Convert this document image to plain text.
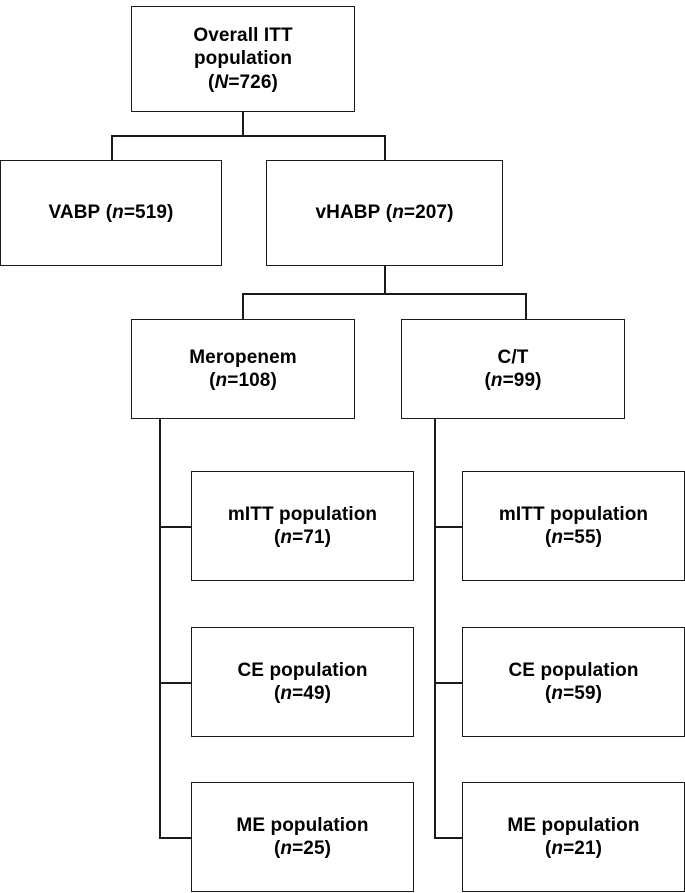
Overall ITT
population
(N=726)
VABP (n=519)	vHABP (n=207)
Meropenem
(n=108)
C/T
(n=99)
mITT population
(n=71)
mITT population
(n=55)
CE population
(n=49)
CE population
(n=59)
ME population
(n=25)
ME population
(n=21)
